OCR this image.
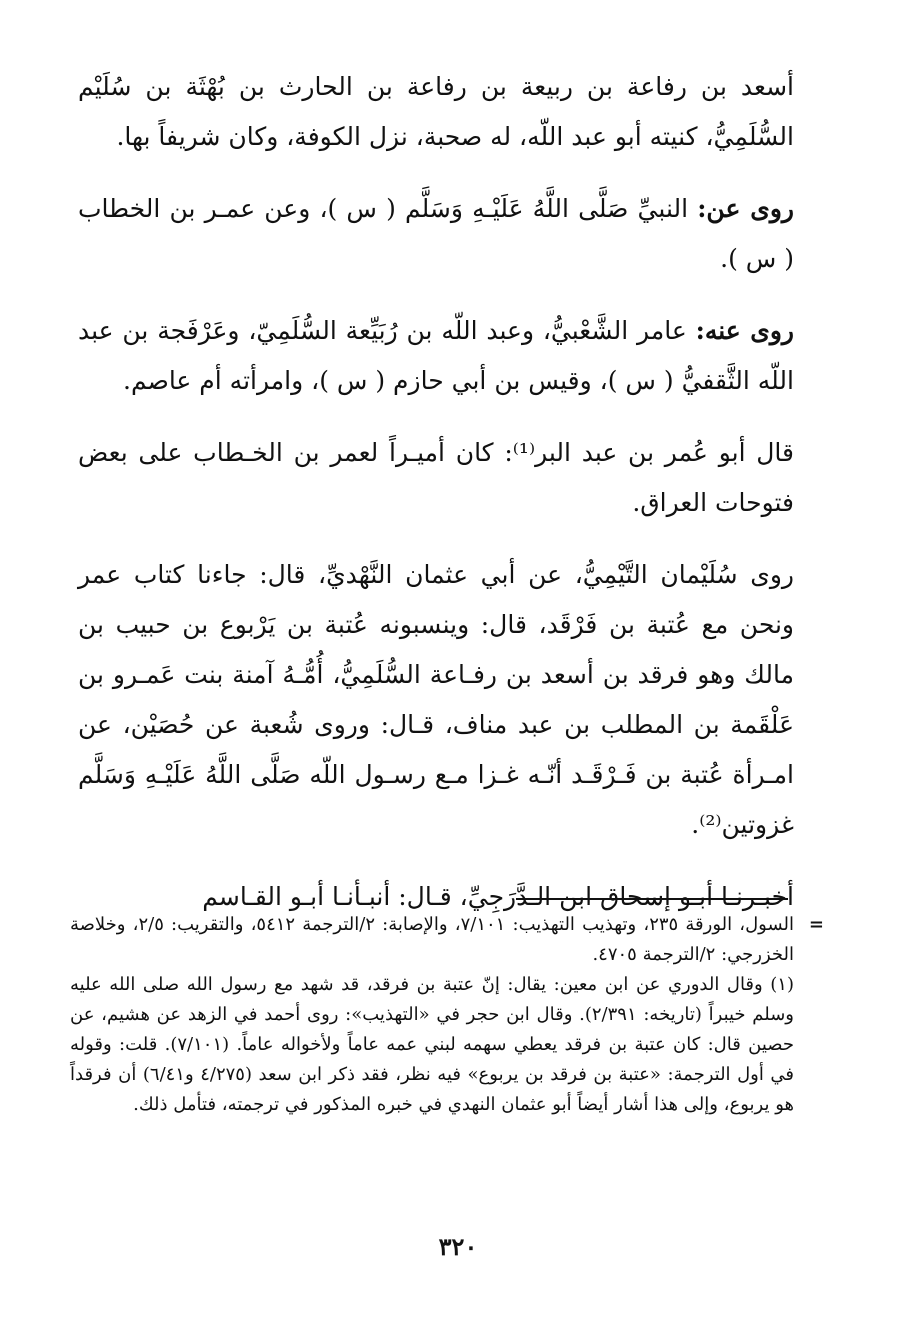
أسعد بن رفاعة بن ربيعة بن رفاعة بن الحارث بن بُهْثَة بن سُلَيْم السُّلَمِيُّ، كنيته أبو عبد اللّه، له صحبة، نزل الكوفة، وكان شريفاً بها.

روى عن: النبيِّ صَلَّى اللَّهُ عَلَيْـهِ وَسَلَّم ( س )، وعن عمـر بن الخطاب ( س ).

روى عنه: عامر الشَّعْبيُّ، وعبد اللّه بن رُبَيِّعة السُّلَمِيّ، وعَرْفَجة بن عبد اللّه الثَّقفيُّ ( س )، وقيس بن أبي حازم ( س )، وامرأته أم عاصم.

قال أبو عُمر بن عبد البر⁽¹⁾: كان أميـراً لعمر بن الخـطاب على بعض فتوحات العراق.

روى سُلَيْمان التَّيْمِيُّ، عن أبي عثمان النَّهْديِّ، قال: جاءنا كتاب عمر ونحن مع عُتبة بن فَرْقَد، قال: وينسبونه عُتبة بن يَرْبوع بن حبيب بن مالك وهو فرقد بن أسعد بن رفـاعة السُّلَمِيُّ، أُمُّـهُ آمنة بنت عَمـرو بن عَلْقَمة بن المطلب بن عبد مناف، قـال: وروى شُعبة عن حُصَيْن، عن امـرأة عُتبة بن فَـرْقَـد أنّـه غـزا مـع رسـول اللّه صَلَّى اللَّهُ عَلَيْـهِ وَسَلَّم غزوتين⁽²⁾.

أخبـرنـا أبـو إسحاق ابن الـدَّرَجِيِّ، قـال: أنبـأنـا أبـو القـاسم

=
السول، الورقة ٢٣٥، وتهذيب التهذيب: ٧/١٠١، والإصابة: ٢/الترجمة ٥٤١٢، والتقريب: ٢/٥، وخلاصة الخزرجي: ٢/الترجمة ٤٧٠٥.

(١) وقال الدوري عن ابن معين: يقال: إنّ عتبة بن فرقد، قد شهد مع رسول الله صلى الله عليه وسلم خيبراً (تاريخه: ٢/٣٩١). وقال ابن حجر في «التهذيب»: روى أحمد في الزهد عن هشيم، عن حصين قال: كان عتبة بن فرقد يعطي سهمه لبني عمه عاماً ولأخواله عاماً. (٧/١٠١). قلت: وقوله في أول الترجمة: «عتبة بن فرقد بن يربوع» فيه نظر، فقد ذكر ابن سعد (٤/٢٧٥ و٦/٤١) أن فرقداً هو يربوع، وإلى هذا أشار أيضاً أبو عثمان النهدي في خبره المذكور في ترجمته، فتأمل ذلك.

٣٢٠
